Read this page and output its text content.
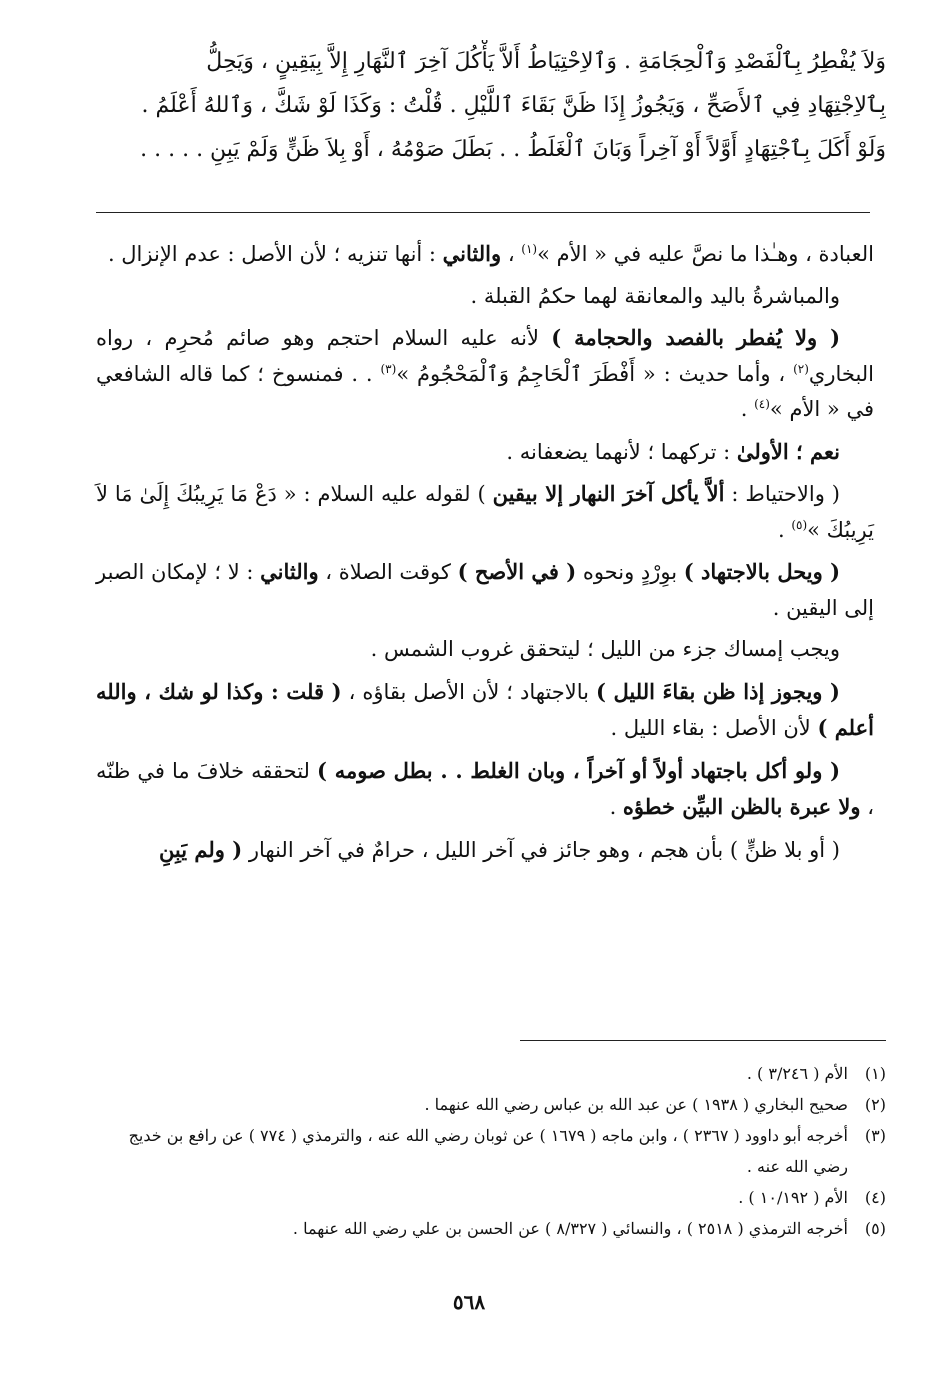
وَلاَ يُفْطِرُ بِٱلْفَصْدِ وَٱلْحِجَامَةِ . وَٱلاِحْتِيَاطُ أَلاَّ يَأْكُلَ آخِرَ ٱلنَّهَارِ إِلاَّ بِيَقِينٍ ، وَيَحِلُّ
بِٱلاِجْتِهَادِ فِي ٱلأَصَحِّ ، وَيَجُوزُ إِذَا ظَنَّ بَقَاءَ ٱللَّيْلِ . قُلْتُ : وَكَذَا لَوْ شَكَّ ، وَٱللهُ أَعْلَمُ .
وَلَوْ أَكَلَ بِٱجْتِهَادٍ أَوَّلاً أَوْ آخِراً وَبَانَ ٱلْغَلَطُ . . بَطَلَ صَوْمُهُ ، أَوْ بِلاَ ظَنٍّ وَلَمْ يَبِنِ . . . . .

العبادة ، وهـٰذا ما نصَّ عليه في « الأم »$^{(١)}$ ، والثاني : أنها تنزيه ؛ لأن الأصل : عدم الإنزال .

والمباشرةُ باليد والمعانقة لهما حكمُ القبلة .

( ولا يُفطر بالفصد والحجامة ) لأنه عليه السلام احتجم وهو صائم مُحرِم ، رواه البخاري$^{(٢)}$ ، وأما حديث : « أَفْطَرَ ٱلْحَاجِمُ وَٱلْمَحْجُومُ »$^{(٣)}$ . . فمنسوخ ؛ كما قاله الشافعي في « الأم »$^{(٤)}$ .

نعم ؛ الأولىٰ : تركهما ؛ لأنهما يضعفانه .

( والاحتياط : ألاَّ يأكل آخرَ النهار إلا بيقين ) لقوله عليه السلام : « دَعْ مَا يَرِيبُكَ إِلَىٰ مَا لاَ يَرِيبُكَ »$^{(٥)}$ .

( ويحل بالاجتهاد ) بوِرْدٍ ونحوه ( في الأصح ) كوقت الصلاة ، والثاني : لا ؛ لإمكان الصبر إلى اليقين .

ويجب إمساك جزء من الليل ؛ ليتحقق غروب الشمس .

( ويجوز إذا ظن بقاءَ الليل ) بالاجتهاد ؛ لأن الأصل بقاؤه ، ( قلت : وكذا لو شك ، والله أعلم ) لأن الأصل : بقاء الليل .

( ولو أكل باجتهاد أولاً أو آخراً ، وبان الغلط . . بطل صومه ) لتحققه خلافَ ما في ظنّه ، ولا عبرة بالظن البيِّن خطؤه .

( أو بلا ظنٍّ ) بأن هجم ، وهو جائز في آخر الليل ، حرامٌ في آخر النهار ( ولم يَبِنِ

(١)
الأم ( ٣/٢٤٦ ) .
(٢)
صحيح البخاري ( ١٩٣٨ ) عن عبد الله بن عباس رضي الله عنهما .
(٣)
أخرجه أبو داوود ( ٢٣٦٧ ) ، وابن ماجه ( ١٦٧٩ ) عن ثوبان رضي الله عنه ، والترمذي ( ٧٧٤ ) عن رافع بن خديج رضي الله عنه .
(٤)
الأم ( ١٠/١٩٢ ) .
(٥)
أخرجه الترمذي ( ٢٥١٨ ) ، والنسائي ( ٨/٣٢٧ ) عن الحسن بن علي رضي الله عنهما .
٥٦٨
